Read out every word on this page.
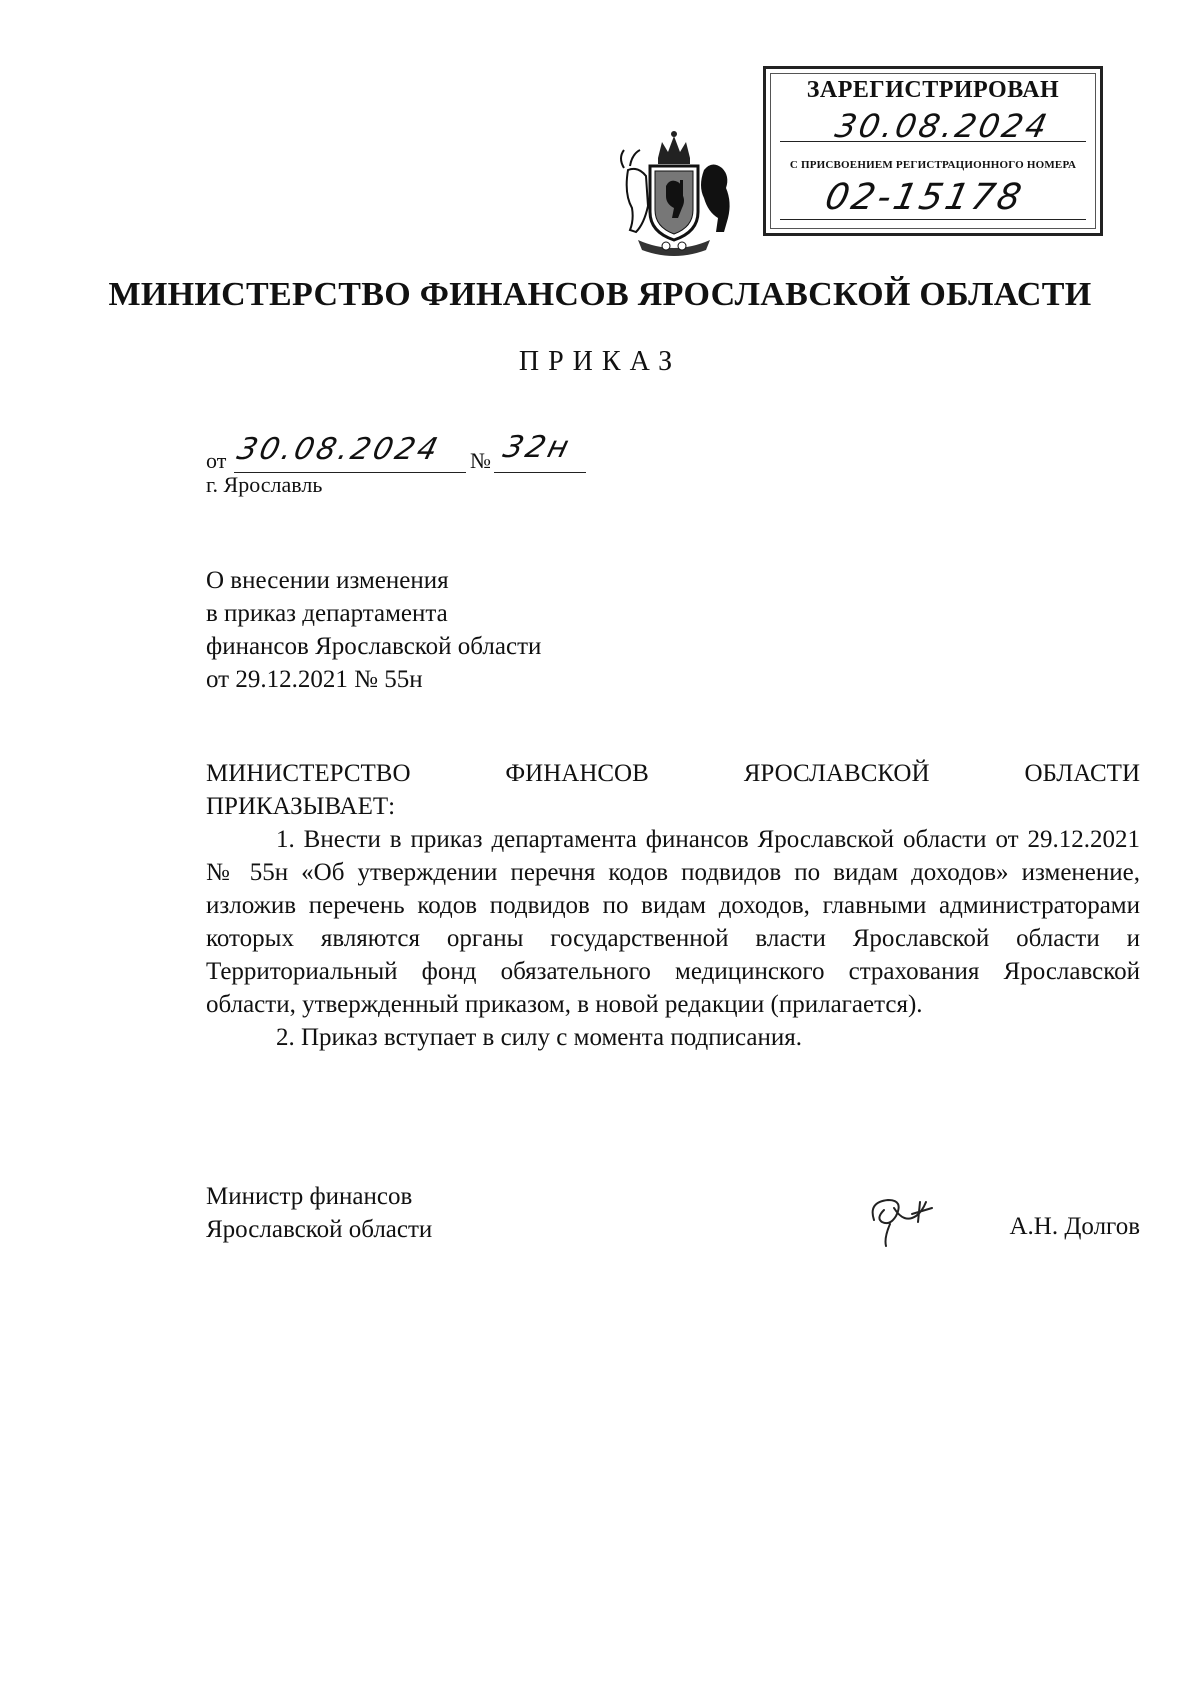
ЗАРЕГИСТРИРОВАН
30.08.2024
С ПРИСВОЕНИЕМ РЕГИСТРАЦИОННОГО НОМЕРА
02-15178
МИНИСТЕРСТВО ФИНАНСОВ ЯРОСЛАВСКОЙ ОБЛАСТИ
ПРИКАЗ
от 30.08.2024 № 32н
г. Ярославль
О внесении изменения
в приказ департамента
финансов Ярославской области
от 29.12.2021 № 55н
МИНИСТЕРСТВО ФИНАНСОВ ЯРОСЛАВСКОЙ ОБЛАСТИ
ПРИКАЗЫВАЕТ:

1. Внести в приказ департамента финансов Ярославской области от 29.12.2021 № 55н «Об утверждении перечня кодов подвидов по видам доходов» изменение, изложив перечень кодов подвидов по видам доходов, главными администраторами которых являются органы государственной власти Ярославской области и Территориальный фонд обязательного медицинского страхования Ярославской области, утвержденный приказом, в новой редакции (прилагается).

2. Приказ вступает в силу с момента подписания.

Министр финансов
Ярославской области	А.Н. Долгов
